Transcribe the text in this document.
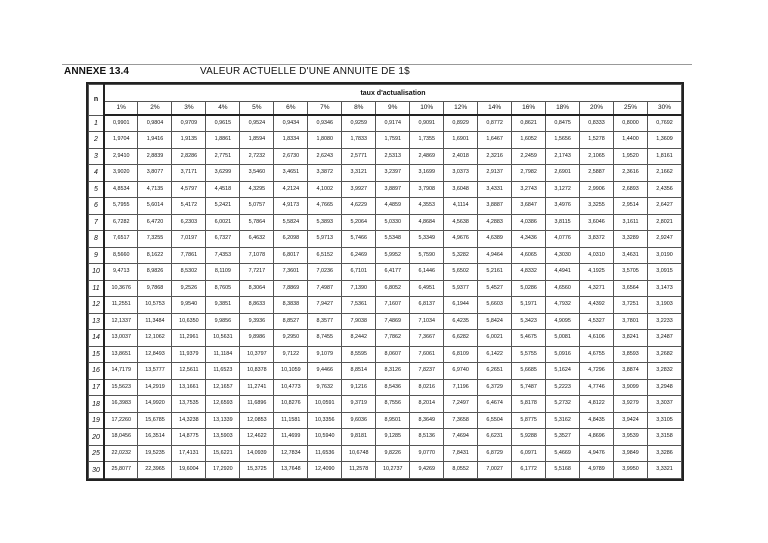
ANNEXE 13.4	VALEUR ACTUELLE D'UNE ANNUITE DE 1$
n	taux d'actualisation																
	1%	2%	3%	4%	5%	6%	7%	8%	9%	10%	12%	14%	16%	18%	20%	25%	30%
1	0,9901	0,9804	0,9709	0,9615	0,9524	0,9434	0,9346	0,9259	0,9174	0,9091	0,8929	0,8772	0,8621	0,8475	0,8333	0,8000	0,7692
2	1,9704	1,9416	1,9135	1,8861	1,8594	1,8334	1,8080	1,7833	1,7591	1,7355	1,6901	1,6467	1,6052	1,5656	1,5278	1,4400	1,3609
3	2,9410	2,8839	2,8286	2,7751	2,7232	2,6730	2,6243	2,5771	2,5313	2,4869	2,4018	2,3216	2,2459	2,1743	2,1065	1,9520	1,8161
4	3,9020	3,8077	3,7171	3,6299	3,5460	3,4651	3,3872	3,3121	3,2397	3,1699	3,0373	2,9137	2,7982	2,6901	2,5887	2,3616	2,1662
5	4,8534	4,7135	4,5797	4,4518	4,3295	4,2124	4,1002	3,9927	3,8897	3,7908	3,6048	3,4331	3,2743	3,1272	2,9906	2,6893	2,4356
6	5,7955	5,6014	5,4172	5,2421	5,0757	4,9173	4,7665	4,6229	4,4859	4,3553	4,1114	3,8887	3,6847	3,4976	3,3255	2,9514	2,6427
7	6,7282	6,4720	6,2303	6,0021	5,7864	5,5824	5,3893	5,2064	5,0330	4,8684	4,5638	4,2883	4,0386	3,8115	3,6046	3,1611	2,8021
8	7,6517	7,3255	7,0197	6,7327	6,4632	6,2098	5,9713	5,7466	5,5348	5,3349	4,9676	4,6389	4,3436	4,0776	3,8372	3,3289	2,9247
9	8,5660	8,1622	7,7861	7,4353	7,1078	6,8017	6,5152	6,2469	5,9952	5,7590	5,3282	4,9464	4,6065	4,3030	4,0310	3,4631	3,0190
10	9,4713	8,9826	8,5302	8,1109	7,7217	7,3601	7,0236	6,7101	6,4177	6,1446	5,6502	5,2161	4,8332	4,4941	4,1925	3,5705	3,0915
11	10,3676	9,7868	9,2526	8,7605	8,3064	7,8869	7,4987	7,1390	6,8052	6,4951	5,9377	5,4527	5,0286	4,6560	4,3271	3,6564	3,1473
12	11,2551	10,5753	9,9540	9,3851	8,8633	8,3838	7,9427	7,5361	7,1607	6,8137	6,1944	5,6603	5,1971	4,7932	4,4392	3,7251	3,1903
13	12,1337	11,3484	10,6350	9,9856	9,3936	8,8527	8,3577	7,9038	7,4869	7,1034	6,4235	5,8424	5,3423	4,9095	4,5327	3,7801	3,2233
14	13,0037	12,1062	11,2961	10,5631	9,8986	9,2950	8,7455	8,2442	7,7862	7,3667	6,6282	6,0021	5,4675	5,0081	4,6106	3,8241	3,2487
15	13,8651	12,8493	11,9379	11,1184	10,3797	9,7122	9,1079	8,5595	8,0607	7,6061	6,8109	6,1422	5,5755	5,0916	4,6755	3,8593	3,2682
16	14,7179	13,5777	12,5611	11,6523	10,8378	10,1059	9,4466	8,8514	8,3126	7,8237	6,9740	6,2651	5,6685	5,1624	4,7296	3,8874	3,2832
17	15,5623	14,2919	13,1661	12,1657	11,2741	10,4773	9,7632	9,1216	8,5436	8,0216	7,1196	6,3729	5,7487	5,2223	4,7746	3,9099	3,2948
18	16,3983	14,9920	13,7535	12,6593	11,6896	10,8276	10,0591	9,3719	8,7556	8,2014	7,2497	6,4674	5,8178	5,2732	4,8122	3,9279	3,3037
19	17,2260	15,6785	14,3238	13,1339	12,0853	11,1581	10,3356	9,6036	8,9501	8,3649	7,3658	6,5504	5,8775	5,3162	4,8435	3,9424	3,3105
20	18,0456	16,3514	14,8775	13,5903	12,4622	11,4699	10,5940	9,8181	9,1285	8,5136	7,4694	6,6231	5,9288	5,3527	4,8696	3,9539	3,3158
25	22,0232	19,5235	17,4131	15,6221	14,0939	12,7834	11,6536	10,6748	9,8226	9,0770	7,8431	6,8729	6,0971	5,4669	4,9476	3,9849	3,3286
30	25,8077	22,3965	19,6004	17,2920	15,3725	13,7648	12,4090	11,2578	10,2737	9,4269	8,0552	7,0027	6,1772	5,5168	4,9789	3,9950	3,3321
